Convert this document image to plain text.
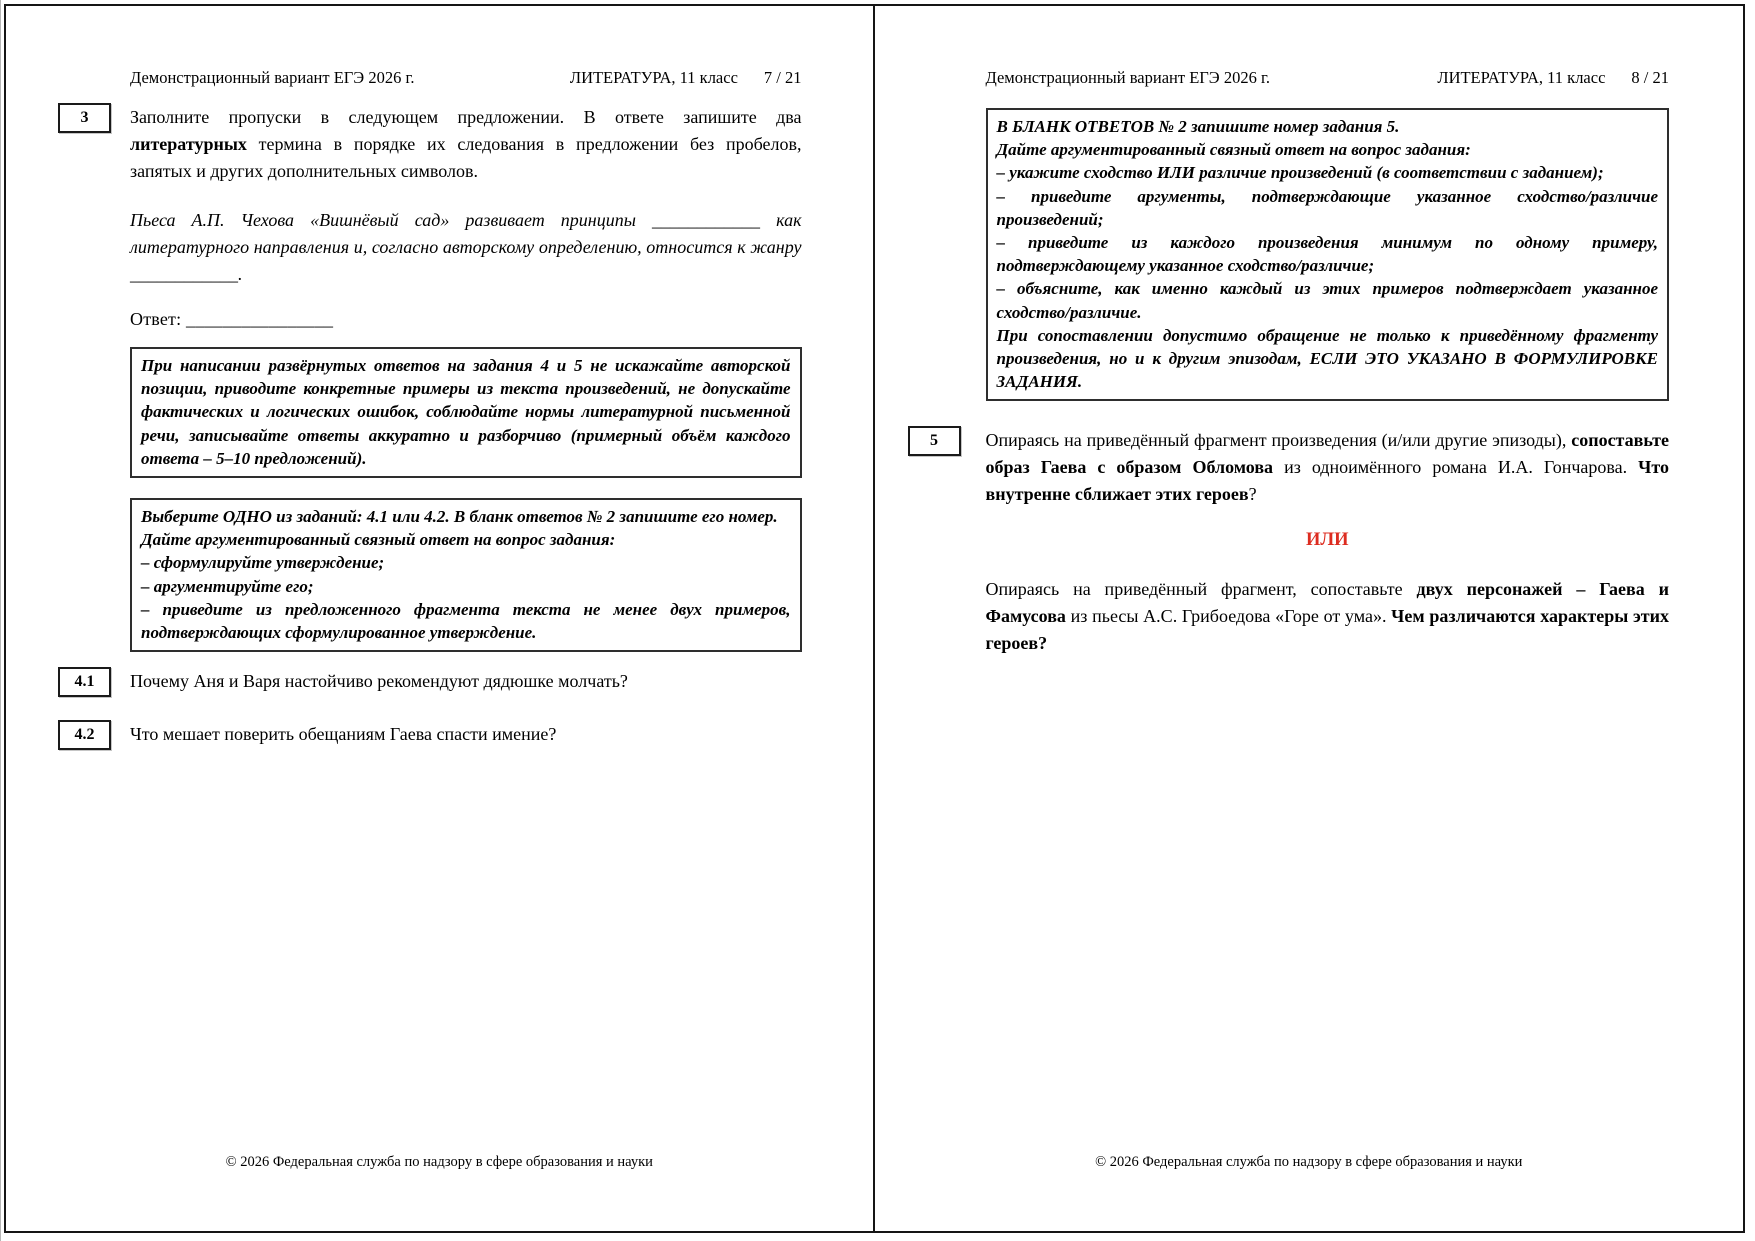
Демонстрационный вариант ЕГЭ 2026 г.	ЛИТЕРАТУРА, 11 класс 7 / 21
3	Заполните пропуски в следующем предложении. В ответе запишите два литературных термина в порядке их следования в предложении без пробелов, запятых и других дополнительных символов.

Пьеса А.П. Чехова «Вишнёвый сад» развивает принципы ____________ как литературного направления и, согласно авторскому определению, относится к жанру ____________.

Ответ: ________________

При написании развёрнутых ответов на задания 4 и 5 не искажайте авторской позиции, приводите конкретные примеры из текста произведений, не допускайте фактических и логических ошибок, соблюдайте нормы литературной письменной речи, записывайте ответы аккуратно и разборчиво (примерный объём каждого ответа – 5–10 предложений).

Выберите ОДНО из заданий: 4.1 или 4.2. В бланк ответов № 2 запишите его номер.

Дайте аргументированный связный ответ на вопрос задания:

– сформулируйте утверждение;

– аргументируйте его;

– приведите из предложенного фрагмента текста не менее двух примеров, подтверждающих сформулированное утверждение.

4.1	Почему Аня и Варя настойчиво рекомендуют дядюшке молчать?

4.2	Что мешает поверить обещаниям Гаева спасти имение?

© 2026 Федеральная служба по надзору в сфере образования и науки
Демонстрационный вариант ЕГЭ 2026 г.	ЛИТЕРАТУРА, 11 класс 8 / 21

В БЛАНК ОТВЕТОВ № 2 запишите номер задания 5.

Дайте аргументированный связный ответ на вопрос задания:

– укажите сходство ИЛИ различие произведений (в соответствии с заданием);

– приведите аргументы, подтверждающие указанное сходство/различие произведений;

– приведите из каждого произведения минимум по одному примеру, подтверждающему указанное сходство/различие;

– объясните, как именно каждый из этих примеров подтверждает указанное сходство/различие.

При сопоставлении допустимо обращение не только к приведённому фрагменту произведения, но и к другим эпизодам, ЕСЛИ ЭТО УКАЗАНО В ФОРМУЛИРОВКЕ ЗАДАНИЯ.

5	Опираясь на приведённый фрагмент произведения (и/или другие эпизоды), сопоставьте образ Гаева с образом Обломова из одноимённого романа И.А. Гончарова. Что внутренне сближает этих героев?

ИЛИ

Опираясь на приведённый фрагмент, сопоставьте двух персонажей – Гаева и Фамусова из пьесы А.С. Грибоедова «Горе от ума». Чем различаются характеры этих героев?

© 2026 Федеральная служба по надзору в сфере образования и науки
